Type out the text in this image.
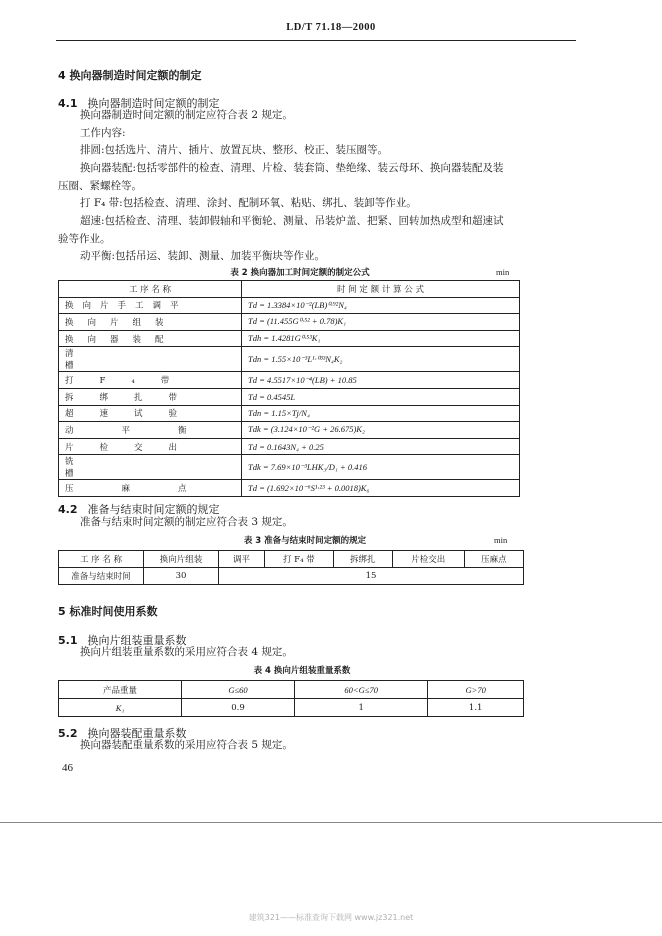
LD/T 71.18—2000
4 换向器制造时间定额的制定
4.1 换向器制造时间定额的制定
换向器制造时间定额的制定应符合表 2 规定。
工作内容:
排圆:包括选片、清片、插片、放置瓦块、整形、校正、装压圈等。
换向器装配:包括零部件的检查、清理、片检、装套筒、垫绝缘、装云母环、换向器装配及装
压圈、紧螺栓等。
打 F₄ 带:包括检查、清理、涂封、配制环氧、粘贴、绑扎、装卸等作业。
超速:包括检查、清理、装卸假轴和平衡轮、测量、吊装炉盖、把紧、回转加热成型和超速试
验等作业。
动平衡:包括吊运、装卸、测量、加装平衡块等作业。
表 2 换向器加工时间定额的制定公式	min
工 序 名 称	时 间 定 额 计 算 公 式
换向片手工调平	Td = 1.3384×10⁻²(LB)⁰·⁹²N₄
换向片组装	Td = (11.455G⁰·⁵² + 0.78)K₁
换向器装配	Tdh = 1.4281G⁰·⁵³K₁
清槽	Tdn = 1.55×10⁻³L¹·⁰³³N₄K₂
打F₄带	Td = 4.5517×10⁻⁴(LB) + 10.85
拆绑扎带	Td = 0.4545L
超速试验	Tdn = 1.15×Tj/N₄
动平衡	Tdk = (3.124×10⁻²G + 26.675)K₂
片检交出	Td = 0.1643N₄ + 0.25
铣槽	Tdk = 7.69×10⁻³LHK₃/D₁ + 0.416
压麻点	Td = (1.692×10⁻⁶S¹·²³ + 0.0018)K₆
4.2 准备与结束时间定额的规定
准备与结束时间定额的制定应符合表 3 规定。
表 3 准备与结束时间定额的规定	min
工 序 名 称	换向片组装	调平	打 F₄ 带	拆绑扎	片检交出	压麻点
准备与结束时间	30	15				
5 标准时间使用系数
5.1 换向片组装重量系数
换向片组装重量系数的采用应符合表 4 规定。
表 4 换向片组装重量系数
产品重量	G≤60	60<G≤70	G>70
K₁	0.9	1	1.1
5.2 换向器装配重量系数
换向器装配重量系数的采用应符合表 5 规定。
46
建筑321——标准查询下载网 www.jz321.net
